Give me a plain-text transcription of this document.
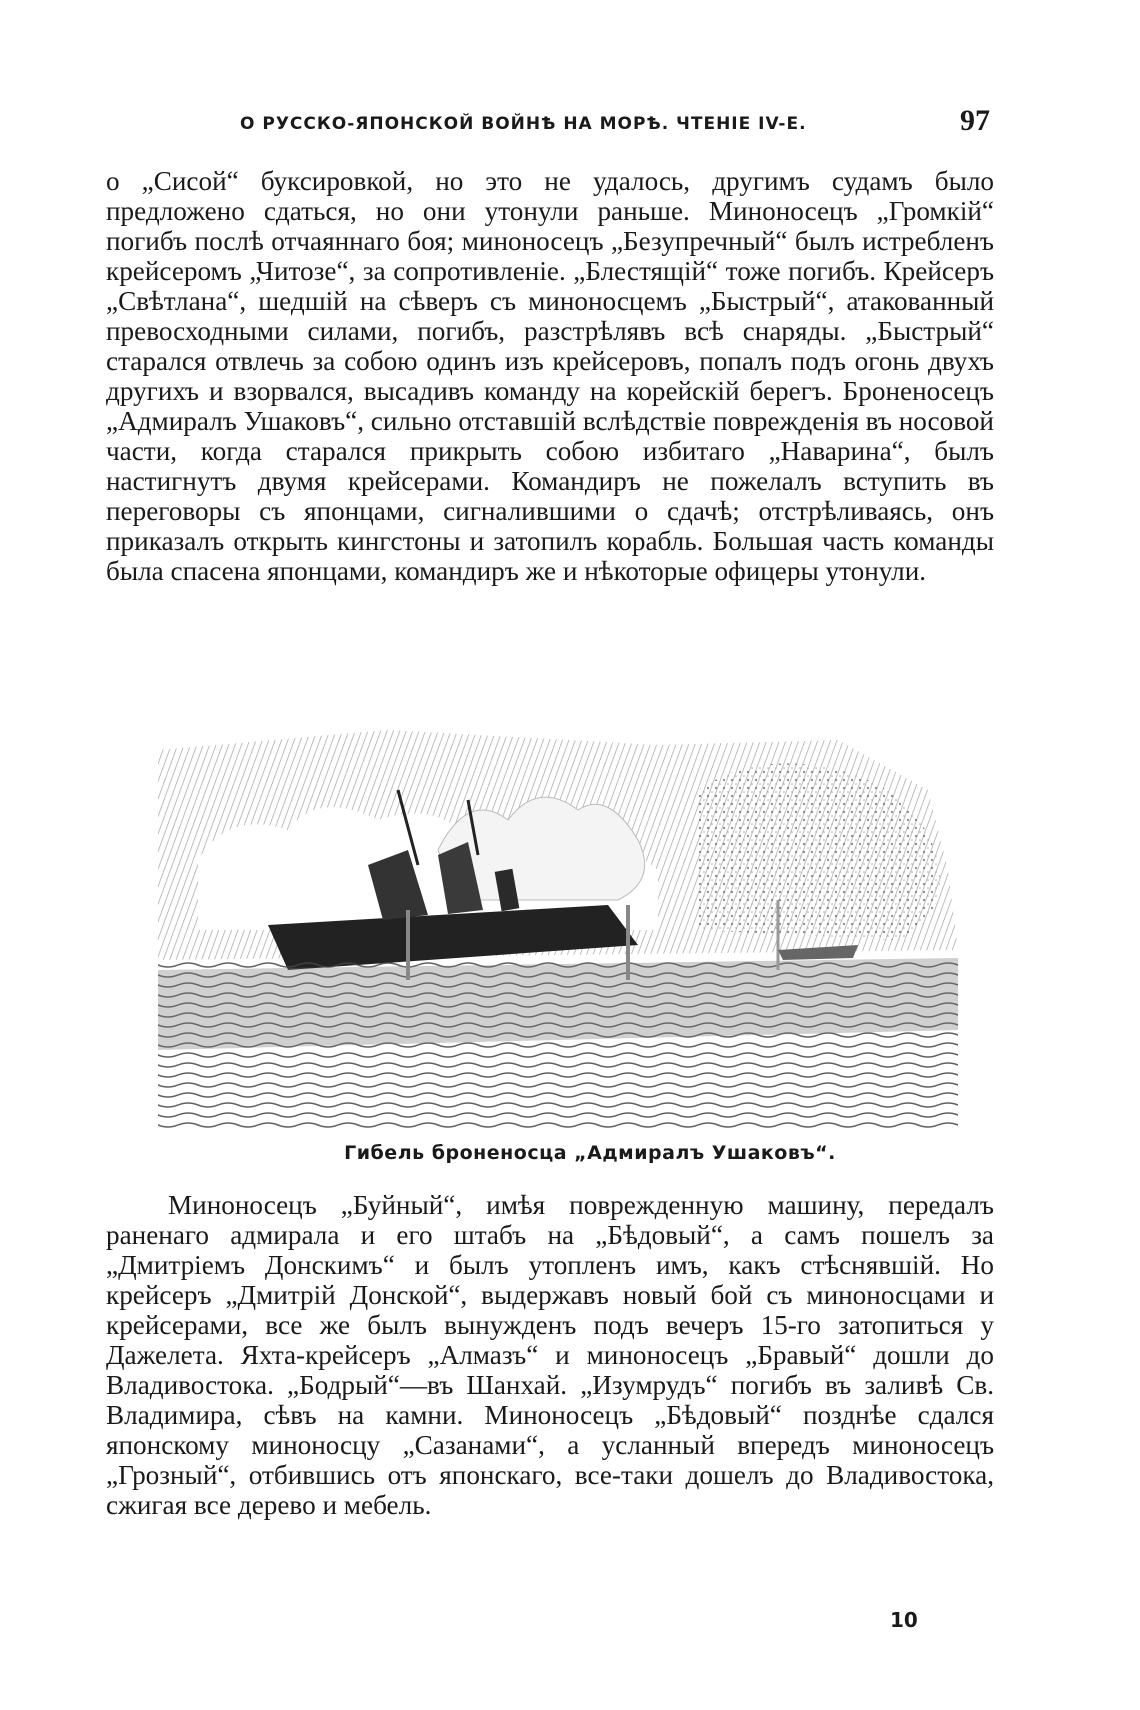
О РУССКО-ЯПОНСКОЙ ВОЙНѢ НА МОРѢ. ЧТЕНІЕ IV-Е.	97

о „Сисой“ буксировкой, но это не удалось, другимъ судамъ было предложено сдаться, но они утонули раньше. Миноносецъ „Громкій“ погибъ послѣ отчаяннаго боя; миноносецъ „Безупречный“ былъ истребленъ крейсеромъ „Читозе“, за сопротивленіе. „Блестящій“ тоже погибъ. Крейсеръ „Свѣтлана“, шедшій на сѣверъ съ миноносцемъ „Быстрый“, атакованный превосходными силами, погибъ, разстрѣлявъ всѣ снаряды. „Быстрый“ старался отвлечь за собою одинъ изъ крейсеровъ, попалъ подъ огонь двухъ другихъ и взорвался, высадивъ команду на корейскій берегъ. Броненосецъ „Адмиралъ Ушаковъ“, сильно отставшій вслѣдствіе поврежденія въ носовой части, когда старался прикрыть собою избитаго „Наварина“, былъ настигнутъ двумя крейсерами. Командиръ не пожелалъ вступить въ переговоры съ японцами, сигналившими о сдачѣ; отстрѣливаясь, онъ приказалъ открыть кингстоны и затопилъ корабль. Большая часть команды была спасена японцами, командиръ же и нѣкоторые офицеры утонули.

Гибель броненосца „Адмиралъ Ушаковъ“.

Миноносецъ „Буйный“, имѣя поврежденную машину, передалъ раненаго адмирала и его штабъ на „Бѣдовый“, а самъ пошелъ за „Дмитріемъ Донскимъ“ и былъ утопленъ имъ, какъ стѣснявшій. Но крейсеръ „Дмитрій Донской“, выдержавъ новый бой съ миноносцами и крейсерами, все же былъ вынужденъ подъ вечеръ 15-го затопиться у Дажелета. Яхта-крейсеръ „Алмазъ“ и миноносецъ „Бравый“ дошли до Владивостока. „Бодрый“—въ Шанхай. „Изумрудъ“ погибъ въ заливѣ Св. Владимира, сѣвъ на камни. Миноносецъ „Бѣдовый“ позднѣе сдался японскому миноносцу „Сазанами“, а усланный впередъ миноносецъ „Грозный“, отбившись отъ японскаго, все-таки дошелъ до Владивостока, сжигая все дерево и мебель.

10
